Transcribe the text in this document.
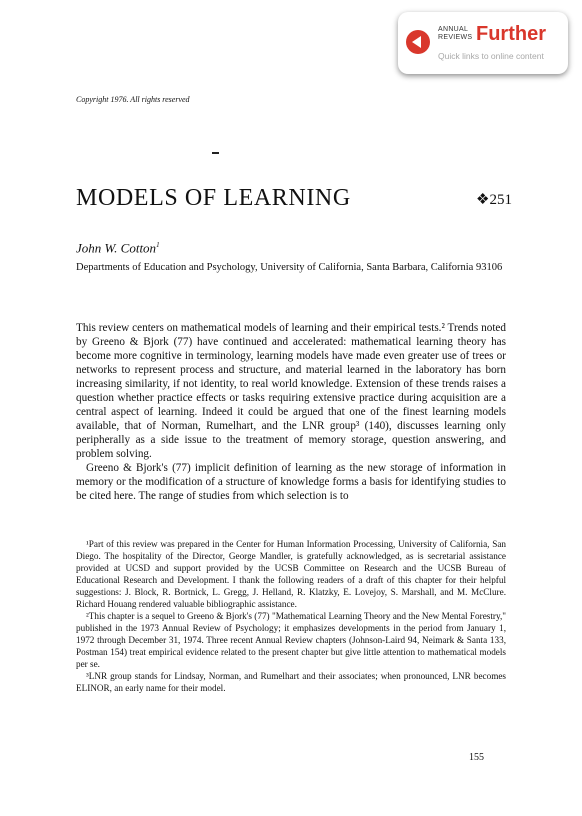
ANNUAL REVIEWS Further
Quick links to online content
Copyright 1976. All rights reserved
MODELS OF LEARNING	❖251
John W. Cotton$^1$
Departments of Education and Psychology, University of California, Santa Barbara, California 93106

This review centers on mathematical models of learning and their empirical tests.² Trends noted by Greeno & Bjork (77) have continued and accelerated: mathematical learning theory has become more cognitive in terminology, learning models have made even greater use of trees or networks to represent process and structure, and material learned in the laboratory has born increasing similarity, if not identity, to real world knowledge. Extension of these trends raises a question whether practice effects or tasks requiring extensive practice during acquisition are a central aspect of learning. Indeed it could be argued that one of the finest learning models available, that of Norman, Rumelhart, and the LNR group³ (140), discusses learning only peripherally as a side issue to the treatment of memory storage, question answering, and problem solving.

Greeno & Bjork's (77) implicit definition of learning as the new storage of information in memory or the modification of a structure of knowledge forms a basis for identifying studies to be cited here. The range of studies from which selection is to

¹Part of this review was prepared in the Center for Human Information Processing, University of California, San Diego. The hospitality of the Director, George Mandler, is gratefully acknowledged, as is secretarial assistance provided at UCSD and support provided by the UCSB Committee on Research and the UCSB Bureau of Educational Research and Development. I thank the following readers of a draft of this chapter for their helpful suggestions: J. Block, R. Bortnick, L. Gregg, J. Helland, R. Klatzky, E. Lovejoy, S. Marshall, and M. McClure. Richard Houang rendered valuable bibliographic assistance.

²This chapter is a sequel to Greeno & Bjork's (77) "Mathematical Learning Theory and the New Mental Forestry," published in the 1973 Annual Review of Psychology; it emphasizes developments in the period from January 1, 1972 through December 31, 1974. Three recent Annual Review chapters (Johnson-Laird 94, Neimark & Santa 133, Postman 154) treat empirical evidence related to the present chapter but give little attention to mathematical models per se.

³LNR group stands for Lindsay, Norman, and Rumelhart and their associates; when pronounced, LNR becomes ELINOR, an early name for their model.

155
